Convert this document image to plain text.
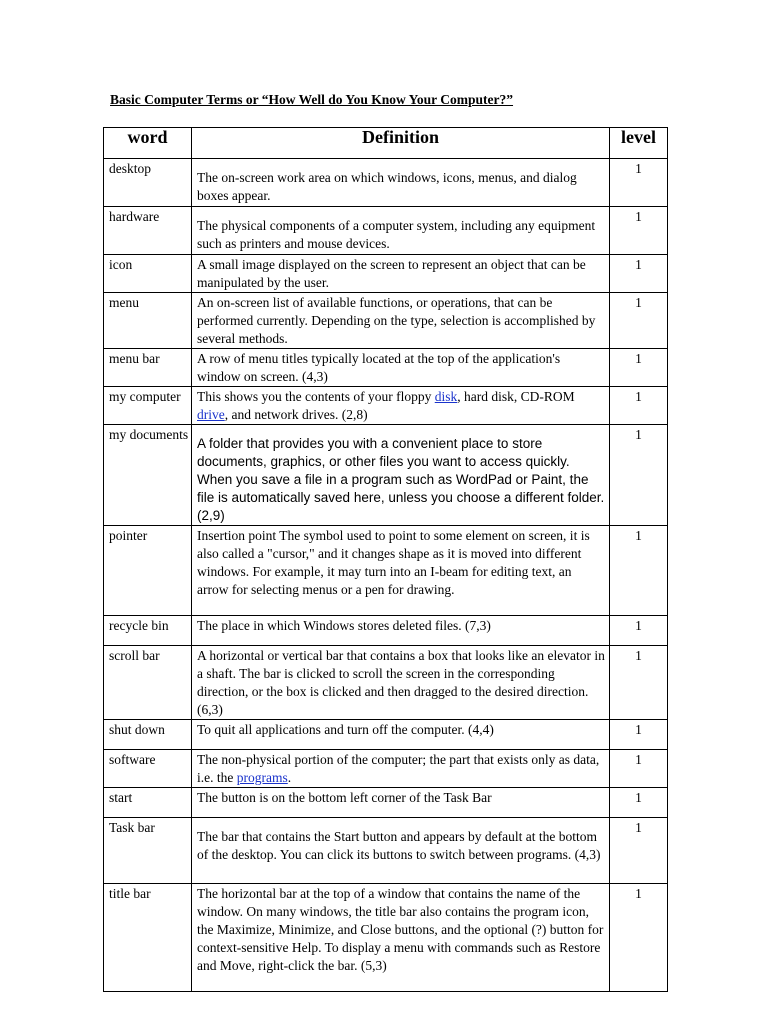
Basic Computer Terms or “How Well do You Know Your Computer?”
word	Definition	level
desktop	The on-screen work area on which windows, icons, menus, and dialog boxes appear.	1
hardware	The physical components of a computer system, including any equipment such as printers and mouse devices.	1
icon	A small image displayed on the screen to represent an object that can be manipulated by the user.	1
menu	An on-screen list of available functions, or operations, that can be performed currently. Depending on the type, selection is accomplished by several methods.	1
menu bar	A row of menu titles typically located at the top of the application's window on screen. (4,3)	1
my computer	This shows you the contents of your floppy disk, hard disk, CD-ROM drive, and network drives. (2,8)	1
my documents	A folder that provides you with a convenient place to store documents, graphics, or other files you want to access quickly. When you save a file in a program such as WordPad or Paint, the file is automatically saved here, unless you choose a different folder. (2,9)	1
pointer	Insertion point The symbol used to point to some element on screen, it is also called a "cursor," and it changes shape as it is moved into different windows. For example, it may turn into an I-beam for editing text, an arrow for selecting menus or a pen for drawing.	1
recycle bin	The place in which Windows stores deleted files. (7,3)	1
scroll bar	A horizontal or vertical bar that contains a box that looks like an elevator in a shaft. The bar is clicked to scroll the screen in the corresponding direction, or the box is clicked and then dragged to the desired direction. (6,3)	1
shut down	To quit all applications and turn off the computer. (4,4)	1
software	The non-physical portion of the computer; the part that exists only as data, i.e. the programs.	1
start	The button is on the bottom left corner of the Task Bar	1
Task bar	The bar that contains the Start button and appears by default at the bottom of the desktop. You can click its buttons to switch between programs. (4,3)	1
title bar	The horizontal bar at the top of a window that contains the name of the window. On many windows, the title bar also contains the program icon, the Maximize, Minimize, and Close buttons, and the optional (?) button for context-sensitive Help. To display a menu with commands such as Restore and Move, right-click the bar. (5,3)	1
